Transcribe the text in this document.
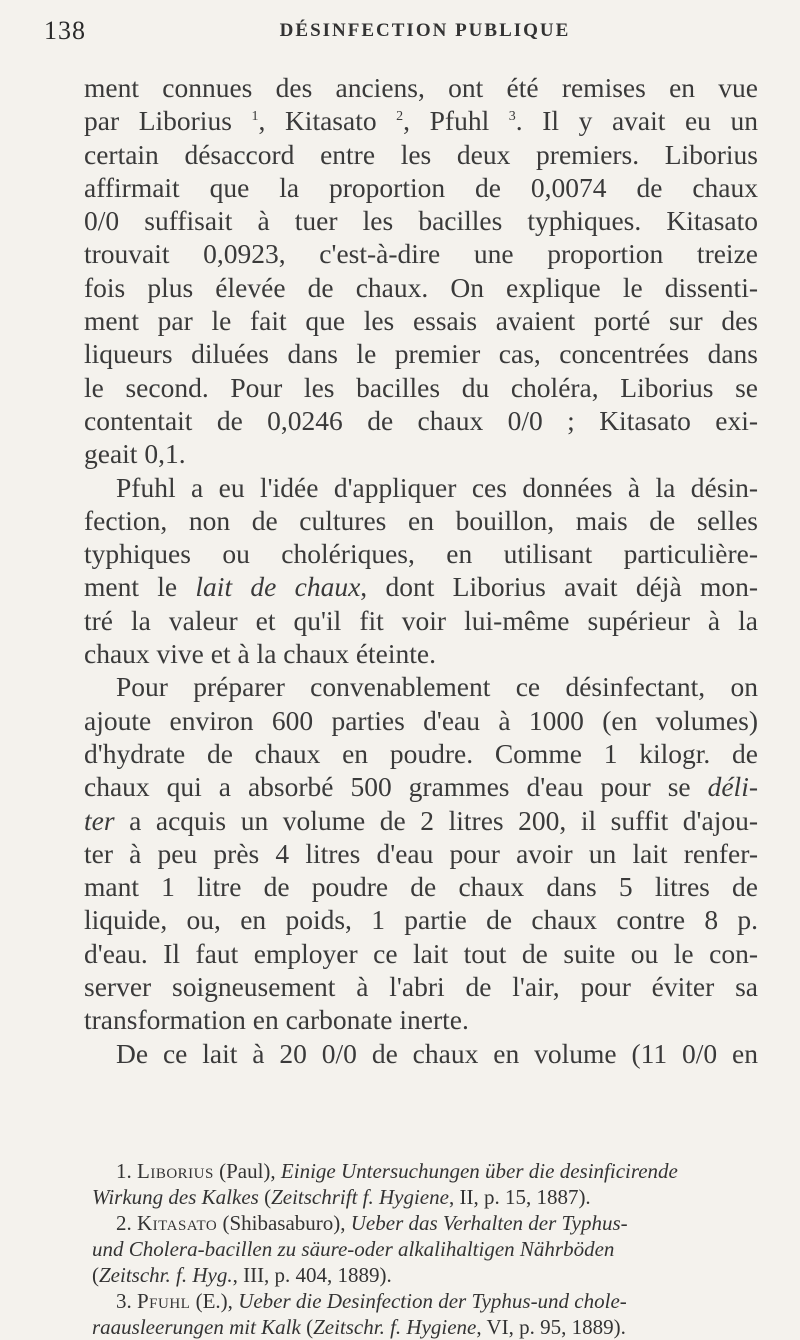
138	DÉSINFECTION PUBLIQUE
ment connues des anciens, ont été remises en vue
par Liborius $^1$, Kitasato $^2$, Pfuhl $^3$. Il y avait eu un
certain désaccord entre les deux premiers. Liborius
affirmait que la proportion de 0,0074 de chaux
0/0 suffisait à tuer les bacilles typhiques. Kitasato
trouvait 0,0923, c'est-à-dire une proportion treize
fois plus élevée de chaux. On explique le dissenti-
ment par le fait que les essais avaient porté sur des
liqueurs diluées dans le premier cas, concentrées dans
le second. Pour les bacilles du choléra, Liborius se
contentait de 0,0246 de chaux 0/0 ; Kitasato exi-
geait 0,1.
Pfuhl a eu l'idée d'appliquer ces données à la désin-
fection, non de cultures en bouillon, mais de selles
typhiques ou cholériques, en utilisant particulière-
ment le lait de chaux, dont Liborius avait déjà mon-
tré la valeur et qu'il fit voir lui-même supérieur à la
chaux vive et à la chaux éteinte.
Pour préparer convenablement ce désinfectant, on
ajoute environ 600 parties d'eau à 1000 (en volumes)
d'hydrate de chaux en poudre. Comme 1 kilogr. de
chaux qui a absorbé 500 grammes d'eau pour se déli-
ter a acquis un volume de 2 litres 200, il suffit d'ajou-
ter à peu près 4 litres d'eau pour avoir un lait renfer-
mant 1 litre de poudre de chaux dans 5 litres de
liquide, ou, en poids, 1 partie de chaux contre 8 p.
d'eau. Il faut employer ce lait tout de suite ou le con-
server soigneusement à l'abri de l'air, pour éviter sa
transformation en carbonate inerte.
De ce lait à 20 0/0 de chaux en volume (11 0/0 en
1. Liborius (Paul), Einige Untersuchungen über die desinficirende
Wirkung des Kalkes (Zeitschrift f. Hygiene, II, p. 15, 1887).
2. Kitasato (Shibasaburo), Ueber das Verhalten der Typhus-
und Cholera-bacillen zu säure-oder alkalihaltigen Nährböden
(Zeitschr. f. Hyg., III, p. 404, 1889).
3. Pfuhl (E.), Ueber die Desinfection der Typhus-und chole-
raausleerungen mit Kalk (Zeitschr. f. Hygiene, VI, p. 95, 1889).
